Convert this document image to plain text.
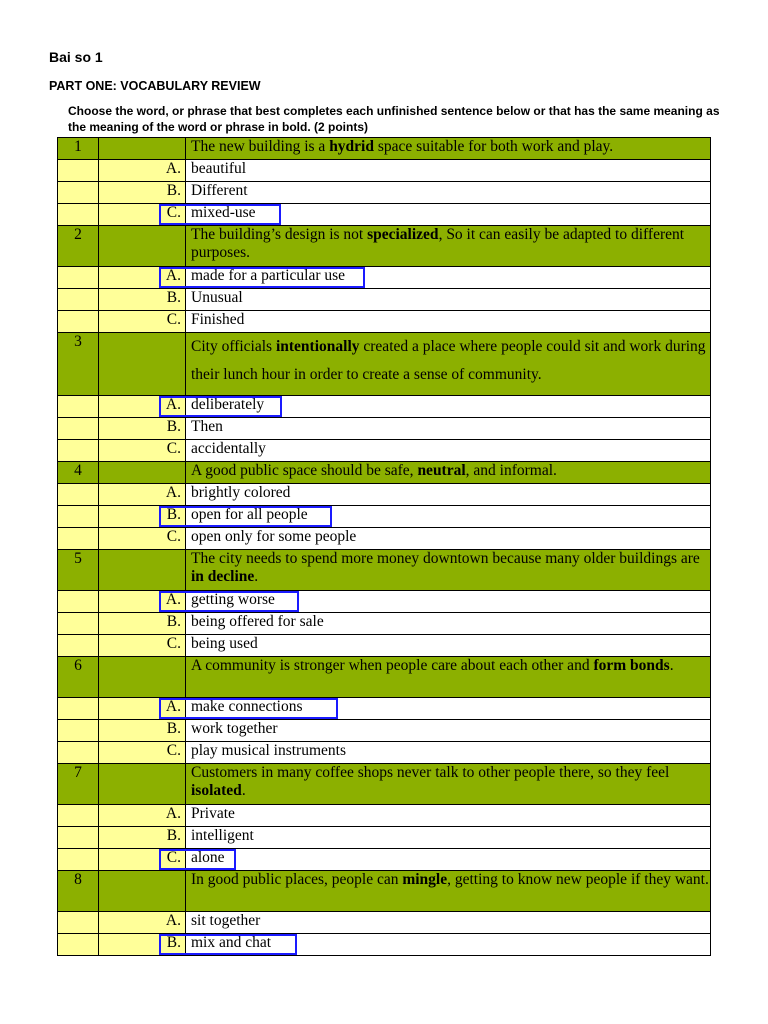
Bai so 1
PART ONE: VOCABULARY REVIEW
Choose the word, or phrase that best completes each unfinished sentence below or that has the same meaning as the meaning of the word or phrase in bold. (2 points)
1		The new building is a hydrid space suitable for both work and play.
	A.	beautiful
	B.	Different
	C.	mixed-use

2		The building’s design is not specialized, So it can easily be adapted to different purposes.
	A.	made for a particular use

	B.	Unusual
	C.	Finished
3		City officials intentionally created a place where people could sit and work during their lunch hour in order to create a sense of community.
	A.	deliberately

	B.	Then
	C.	accidentally
4		A good public space should be safe, neutral, and informal.
	A.	brightly colored
	B.	open for all people

	C.	open only for some people
5		The city needs to spend more money downtown because many older buildings are in decline.
	A.	getting worse

	B.	being offered for sale
	C.	being used
6		A community is stronger when people care about each other and form bonds.
	A.	make connections

	B.	work together
	C.	play musical instruments
7		Customers in many coffee shops never talk to other people there, so they feel isolated.
	A.	Private
	B.	intelligent
	C.	alone

8		In good public places, people can mingle, getting to know new people if they want.
	A.	sit together
	B.	mix and chat
